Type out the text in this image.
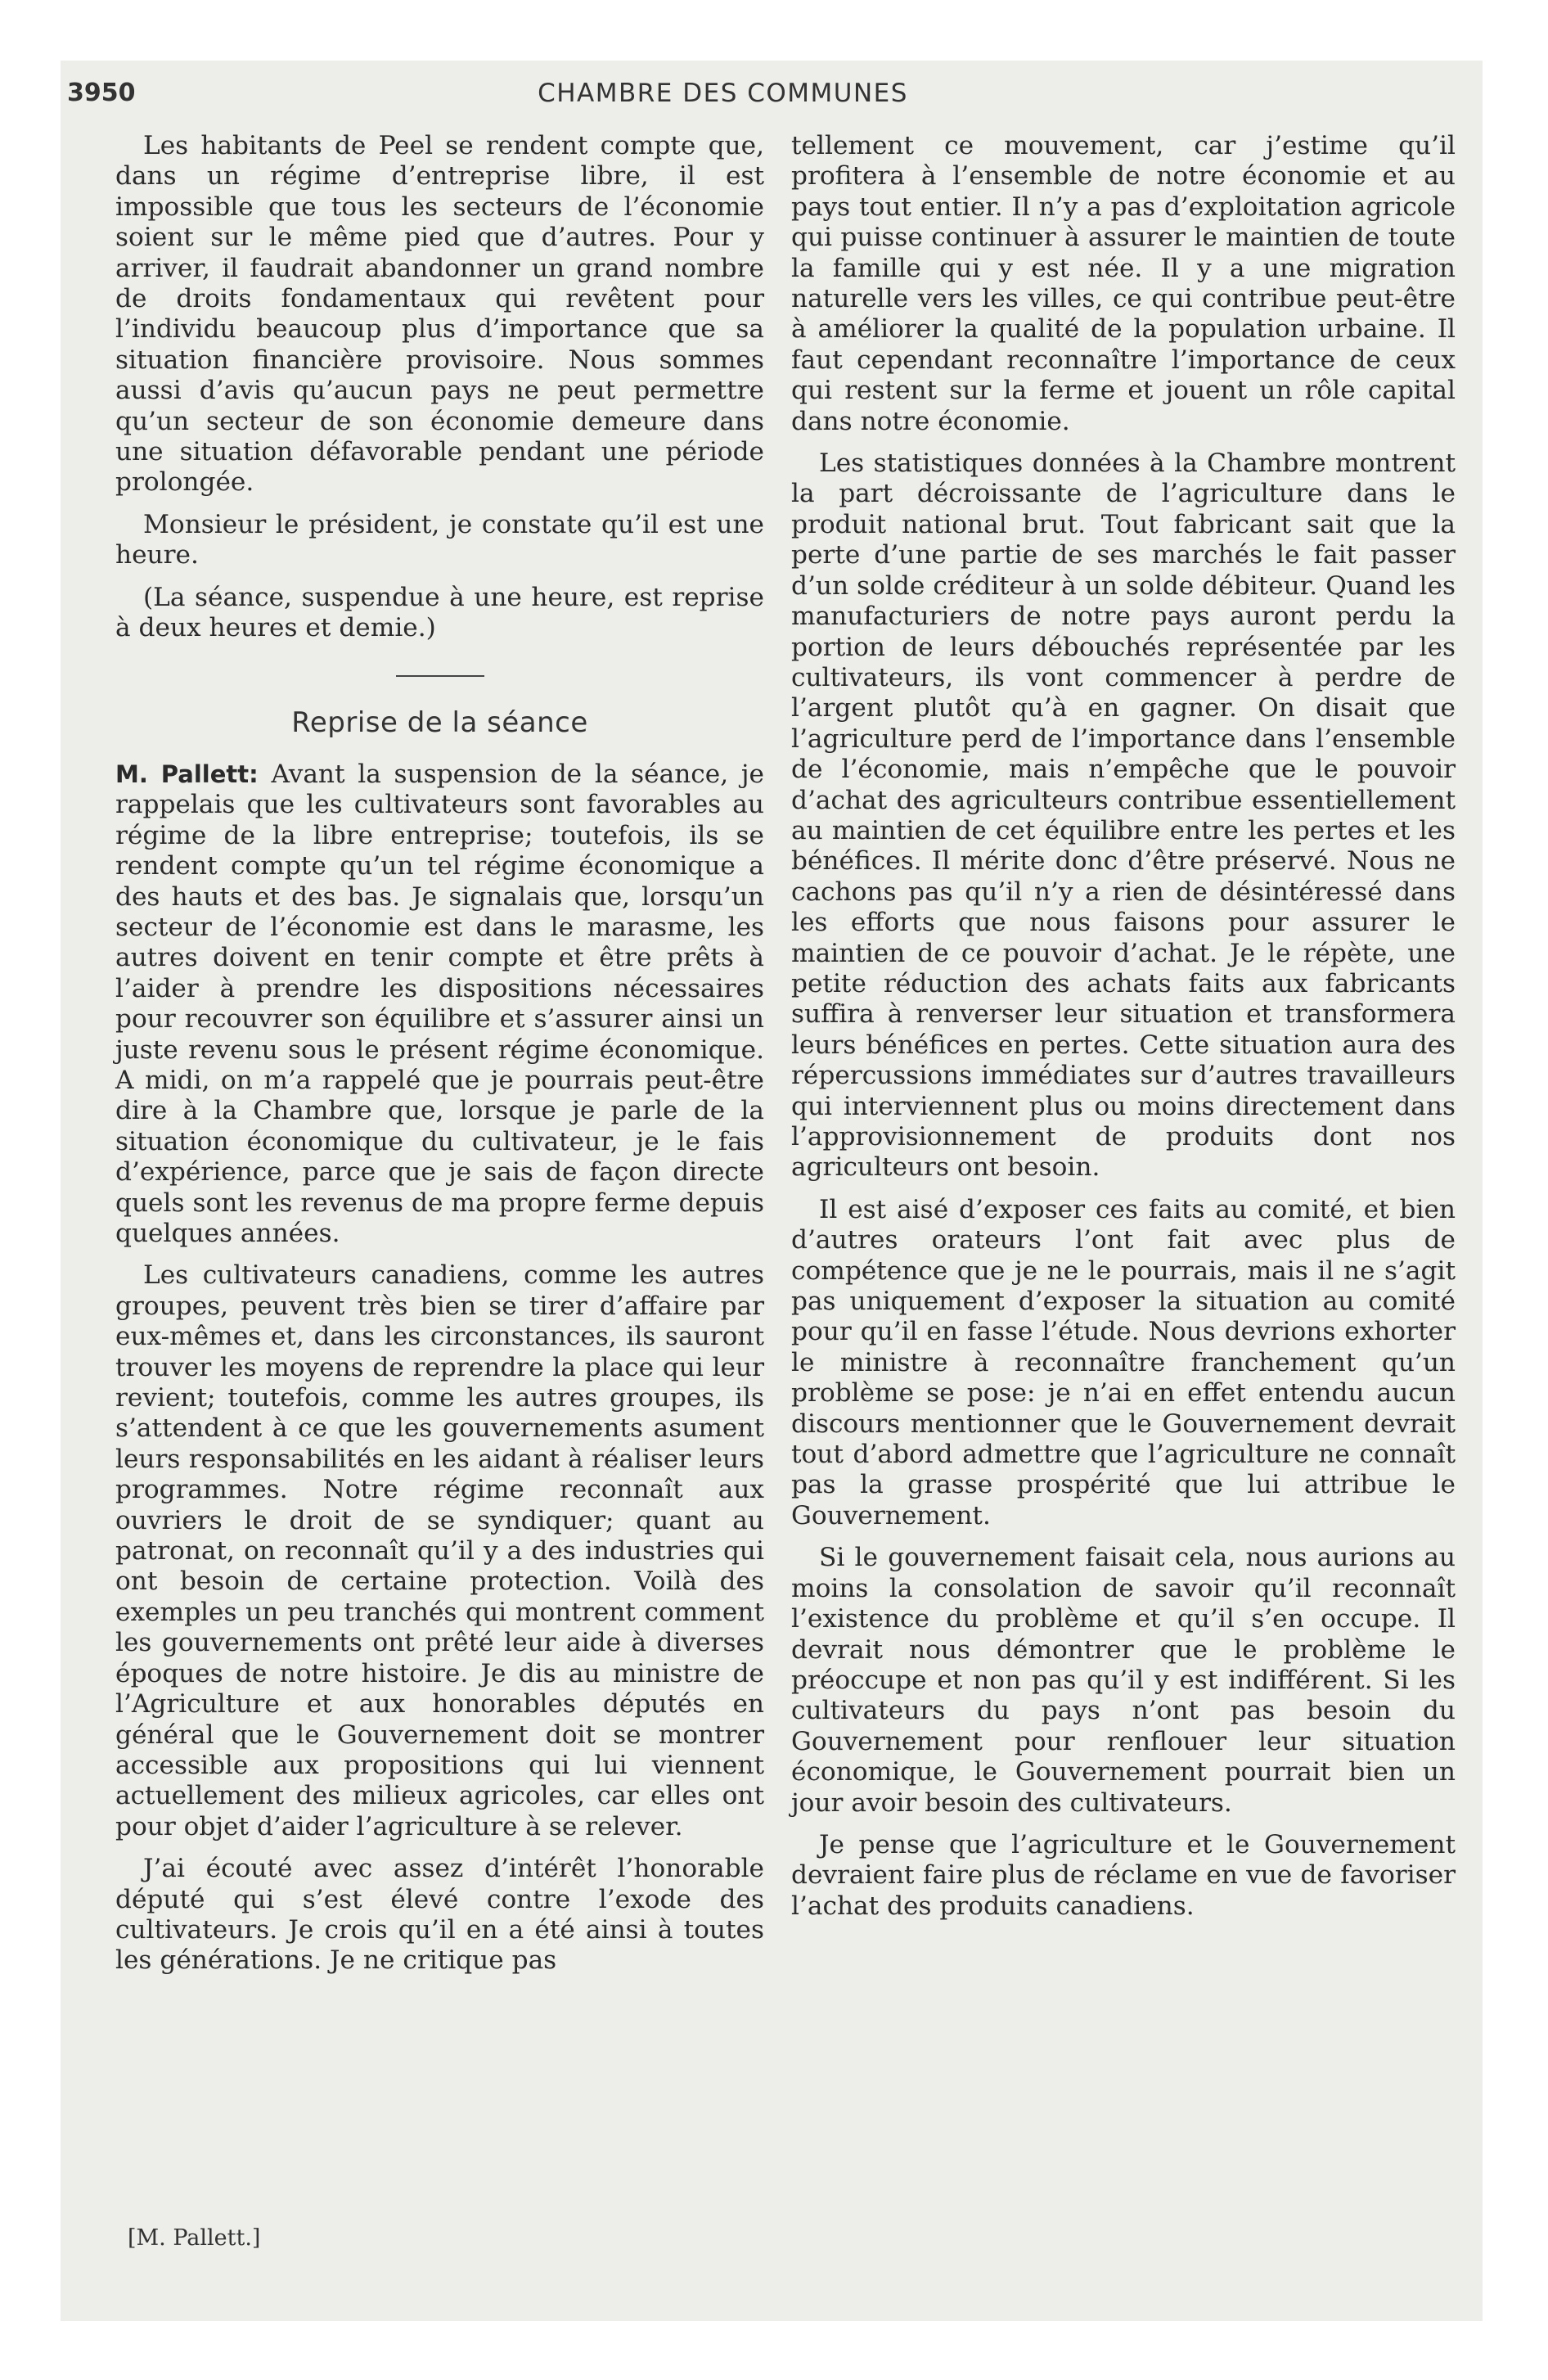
3950	CHAMBRE DES COMMUNES

Les habitants de Peel se rendent compte que, dans un régime d’entreprise libre, il est impossible que tous les secteurs de l’économie soient sur le même pied que d’autres. Pour y arriver, il faudrait abandonner un grand nombre de droits fondamentaux qui revêtent pour l’individu beaucoup plus d’importance que sa situation financière provisoire. Nous sommes aussi d’avis qu’aucun pays ne peut permettre qu’un secteur de son économie demeure dans une situation défavorable pendant une période prolongée.

Monsieur le président, je constate qu’il est une heure.

(La séance, suspendue à une heure, est reprise à deux heures et demie.)

Reprise de la séance

M. Pallett: Avant la suspension de la séance, je rappelais que les cultivateurs sont favorables au régime de la libre entreprise; toutefois, ils se rendent compte qu’un tel régime économique a des hauts et des bas. Je signalais que, lorsqu’un secteur de l’économie est dans le marasme, les autres doivent en tenir compte et être prêts à l’aider à prendre les dispositions nécessaires pour recouvrer son équilibre et s’assurer ainsi un juste revenu sous le présent régime économique. A midi, on m’a rappelé que je pourrais peut-être dire à la Chambre que, lorsque je parle de la situation économique du cultivateur, je le fais d’expérience, parce que je sais de façon directe quels sont les revenus de ma propre ferme depuis quelques années.

Les cultivateurs canadiens, comme les autres groupes, peuvent très bien se tirer d’affaire par eux-mêmes et, dans les circonstances, ils sauront trouver les moyens de reprendre la place qui leur revient; toutefois, comme les autres groupes, ils s’attendent à ce que les gouvernements asument leurs responsabilités en les aidant à réaliser leurs programmes. Notre régime reconnaît aux ouvriers le droit de se syndiquer; quant au patronat, on reconnaît qu’il y a des industries qui ont besoin de certaine protection. Voilà des exemples un peu tranchés qui montrent comment les gouvernements ont prêté leur aide à diverses époques de notre histoire. Je dis au ministre de l’Agriculture et aux honorables députés en général que le Gouvernement doit se montrer accessible aux propositions qui lui viennent actuellement des milieux agricoles, car elles ont pour objet d’aider l’agriculture à se relever.

J’ai écouté avec assez d’intérêt l’honorable député qui s’est élevé contre l’exode des cultivateurs. Je crois qu’il en a été ainsi à toutes les générations. Je ne critique pas

tellement ce mouvement, car j’estime qu’il profitera à l’ensemble de notre économie et au pays tout entier. Il n’y a pas d’exploitation agricole qui puisse continuer à assurer le maintien de toute la famille qui y est née. Il y a une migration naturelle vers les villes, ce qui contribue peut-être à améliorer la qualité de la population urbaine. Il faut cependant reconnaître l’importance de ceux qui restent sur la ferme et jouent un rôle capital dans notre économie.

Les statistiques données à la Chambre montrent la part décroissante de l’agriculture dans le produit national brut. Tout fabricant sait que la perte d’une partie de ses marchés le fait passer d’un solde créditeur à un solde débiteur. Quand les manufacturiers de notre pays auront perdu la portion de leurs débouchés représentée par les cultivateurs, ils vont commencer à perdre de l’argent plutôt qu’à en gagner. On disait que l’agriculture perd de l’importance dans l’ensemble de l’économie, mais n’empêche que le pouvoir d’achat des agriculteurs contribue essentiellement au maintien de cet équilibre entre les pertes et les bénéfices. Il mérite donc d’être préservé. Nous ne cachons pas qu’il n’y a rien de désintéressé dans les efforts que nous faisons pour assurer le maintien de ce pouvoir d’achat. Je le répète, une petite réduction des achats faits aux fabricants suffira à renverser leur situation et transformera leurs bénéfices en pertes. Cette situation aura des répercussions immédiates sur d’autres travailleurs qui interviennent plus ou moins directement dans l’approvisionnement de produits dont nos agriculteurs ont besoin.

Il est aisé d’exposer ces faits au comité, et bien d’autres orateurs l’ont fait avec plus de compétence que je ne le pourrais, mais il ne s’agit pas uniquement d’exposer la situation au comité pour qu’il en fasse l’étude. Nous devrions exhorter le ministre à reconnaître franchement qu’un problème se pose: je n’ai en effet entendu aucun discours mentionner que le Gouvernement devrait tout d’abord admettre que l’agriculture ne connaît pas la grasse prospérité que lui attribue le Gouvernement.

Si le gouvernement faisait cela, nous aurions au moins la consolation de savoir qu’il reconnaît l’existence du problème et qu’il s’en occupe. Il devrait nous démontrer que le problème le préoccupe et non pas qu’il y est indifférent. Si les cultivateurs du pays n’ont pas besoin du Gouvernement pour renflouer leur situation économique, le Gouvernement pourrait bien un jour avoir besoin des cultivateurs.

Je pense que l’agriculture et le Gouvernement devraient faire plus de réclame en vue de favoriser l’achat des produits canadiens.

[M. Pallett.]
